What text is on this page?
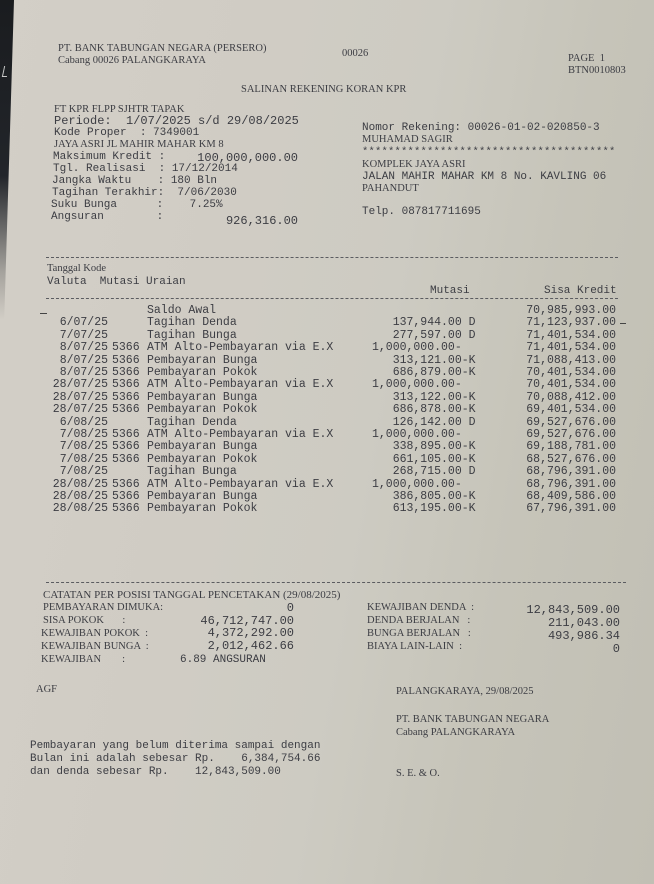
PT. BANK TABUNGAN NEGARA (PERSERO)
Cabang 00026 PALANGKARAYA
00026	PAGE  1
BTN0010803
SALINAN REKENING KORAN KPR
FT KPR FLPP SJHTR TAPAK
Periode:  1/07/2025 s/d 29/08/2025
Kode Proper  : 7349001
JAYA ASRI JL MAHIR MAHAR KM 8
Maksimum Kredit :	100,000,000.00
Tgl. Realisasi  : 17/12/2014
Jangka Waktu    : 180 Bln
Tagihan Terakhir:  7/06/2030
Suku Bunga      :    7.25%
Angsuran        :	926,316.00
Nomor Rekening: 00026-01-02-020850-3
MUHAMAD SAGIR
***************************************
KOMPLEK JAYA ASRI
JALAN MAHIR MAHAR KM 8 No. KAVLING 06
PAHANDUT
Telp. 087817711695
Tanggal Kode
Valuta  Mutasi Uraian
Mutasi	Sisa Kredit
Saldo Awal	70,985,993.00
6/07/25	Tagihan Denda	137,944.00 D	71,123,937.00
7/07/25	Tagihan Bunga	277,597.00 D	71,401,534.00
8/07/25 5366 ATM Alto-Pembayaran via E.X	1,000,000.00-	71,401,534.00
8/07/25 5366 Pembayaran Bunga	313,121.00-K	71,088,413.00
8/07/25 5366 Pembayaran Pokok	686,879.00-K	70,401,534.00
28/07/25 5366 ATM Alto-Pembayaran via E.X	1,000,000.00-	70,401,534.00
28/07/25 5366 Pembayaran Bunga	313,122.00-K	70,088,412.00
28/07/25 5366 Pembayaran Pokok	686,878.00-K	69,401,534.00
6/08/25	Tagihan Denda	126,142.00 D	69,527,676.00
7/08/25 5366 ATM Alto-Pembayaran via E.X	1,000,000.00-	69,527,676.00
7/08/25 5366 Pembayaran Bunga	338,895.00-K	69,188,781.00
7/08/25 5366 Pembayaran Pokok	661,105.00-K	68,527,676.00
7/08/25	Tagihan Bunga	268,715.00 D	68,796,391.00
28/08/25 5366 ATM Alto-Pembayaran via E.X	1,000,000.00-	68,796,391.00
28/08/25 5366 Pembayaran Bunga	386,805.00-K	68,409,586.00
28/08/25 5366 Pembayaran Pokok	613,195.00-K	67,796,391.00
CATATAN PER POSISI TANGGAL PENCETAKAN (29/08/2025)
PEMBAYARAN DIMUKA:	0
SISA POKOK       :	46,712,747.00
KEWAJIBAN POKOK  :	4,372,292.00
KEWAJIBAN BUNGA  :	2,012,462.66
KEWAJIBAN        :	6.89 ANGSURAN
KEWAJIBAN DENDA  :	12,843,509.00
DENDA BERJALAN   :	211,043.00
BUNGA BERJALAN   :	493,986.34
BIAYA LAIN-LAIN  :	0
AGF	PALANGKARAYA, 29/08/2025
PT. BANK TABUNGAN NEGARA
Cabang PALANGKARAYA
Pembayaran yang belum diterima sampai dengan
Bulan ini adalah sebesar Rp.    6,384,754.66
dan denda sebesar Rp.    12,843,509.00	S. E. & O.
